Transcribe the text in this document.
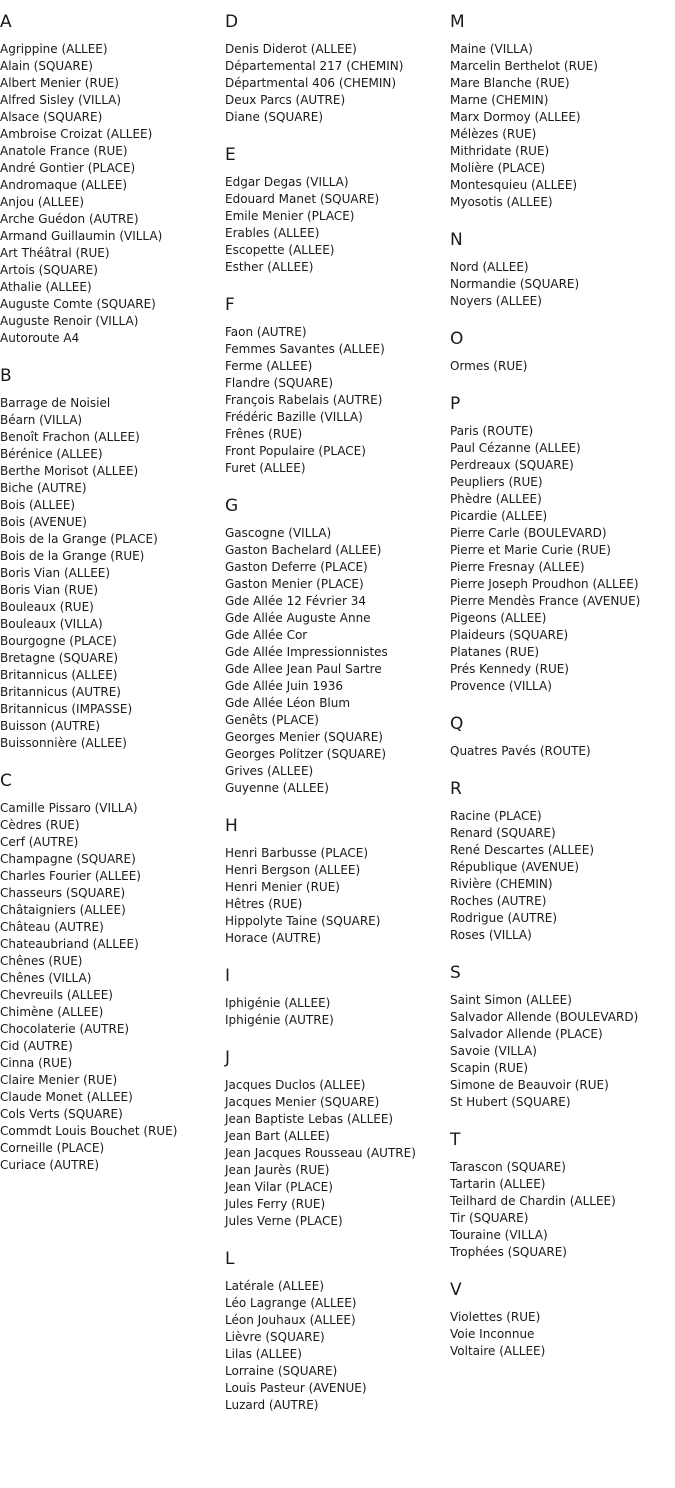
A
Agrippine (ALLEE)
Alain (SQUARE)
Albert Menier (RUE)
Alfred Sisley (VILLA)
Alsace (SQUARE)
Ambroise Croizat (ALLEE)
Anatole France (RUE)
André Gontier (PLACE)
Andromaque (ALLEE)
Anjou (ALLEE)
Arche Guédon (AUTRE)
Armand Guillaumin (VILLA)
Art Théâtral (RUE)
Artois (SQUARE)
Athalie (ALLEE)
Auguste Comte (SQUARE)
Auguste Renoir (VILLA)
Autoroute A4
B
Barrage de Noisiel
Béarn (VILLA)
Benoît Frachon (ALLEE)
Bérénice (ALLEE)
Berthe Morisot (ALLEE)
Biche (AUTRE)
Bois (ALLEE)
Bois (AVENUE)
Bois de la Grange (PLACE)
Bois de la Grange (RUE)
Boris Vian (ALLEE)
Boris Vian (RUE)
Bouleaux (RUE)
Bouleaux (VILLA)
Bourgogne (PLACE)
Bretagne (SQUARE)
Britannicus (ALLEE)
Britannicus (AUTRE)
Britannicus (IMPASSE)
Buisson (AUTRE)
Buissonnière (ALLEE)
C
Camille Pissaro (VILLA)
Cèdres (RUE)
Cerf (AUTRE)
Champagne (SQUARE)
Charles Fourier (ALLEE)
Chasseurs (SQUARE)
Châtaigniers (ALLEE)
Château (AUTRE)
Chateaubriand (ALLEE)
Chênes (RUE)
Chênes (VILLA)
Chevreuils (ALLEE)
Chimène (ALLEE)
Chocolaterie (AUTRE)
Cid (AUTRE)
Cinna (RUE)
Claire Menier (RUE)
Claude Monet (ALLEE)
Cols Verts (SQUARE)
Commdt Louis Bouchet (RUE)
Corneille (PLACE)
Curiace (AUTRE)
D
Denis Diderot (ALLEE)
Départemental 217 (CHEMIN)
Départmental 406 (CHEMIN)
Deux Parcs (AUTRE)
Diane (SQUARE)
E
Edgar Degas (VILLA)
Edouard Manet (SQUARE)
Emile Menier (PLACE)
Erables (ALLEE)
Escopette (ALLEE)
Esther (ALLEE)
F
Faon (AUTRE)
Femmes Savantes (ALLEE)
Ferme (ALLEE)
Flandre (SQUARE)
François Rabelais (AUTRE)
Frédéric Bazille (VILLA)
Frênes (RUE)
Front Populaire (PLACE)
Furet (ALLEE)
G
Gascogne (VILLA)
Gaston Bachelard (ALLEE)
Gaston Deferre (PLACE)
Gaston Menier (PLACE)
Gde Allée 12 Février 34
Gde Allée Auguste Anne
Gde Allée Cor
Gde Allée Impressionnistes
Gde Allee Jean Paul Sartre
Gde Allée Juin 1936
Gde Allée Léon Blum
Genêts (PLACE)
Georges Menier (SQUARE)
Georges Politzer (SQUARE)
Grives (ALLEE)
Guyenne (ALLEE)
H
Henri Barbusse (PLACE)
Henri Bergson (ALLEE)
Henri Menier (RUE)
Hêtres (RUE)
Hippolyte Taine (SQUARE)
Horace (AUTRE)
I
Iphigénie (ALLEE)
Iphigénie (AUTRE)
J
Jacques Duclos (ALLEE)
Jacques Menier (SQUARE)
Jean Baptiste Lebas (ALLEE)
Jean Bart (ALLEE)
Jean Jacques Rousseau (AUTRE)
Jean Jaurès (RUE)
Jean Vilar (PLACE)
Jules Ferry (RUE)
Jules Verne (PLACE)
L
Latérale (ALLEE)
Léo Lagrange (ALLEE)
Léon Jouhaux (ALLEE)
Lièvre (SQUARE)
Lilas (ALLEE)
Lorraine (SQUARE)
Louis Pasteur (AVENUE)
Luzard (AUTRE)
M
Maine (VILLA)
Marcelin Berthelot (RUE)
Mare Blanche (RUE)
Marne (CHEMIN)
Marx Dormoy (ALLEE)
Mélèzes (RUE)
Mithridate (RUE)
Molière (PLACE)
Montesquieu (ALLEE)
Myosotis (ALLEE)
N
Nord (ALLEE)
Normandie (SQUARE)
Noyers (ALLEE)
O
Ormes (RUE)
P
Paris (ROUTE)
Paul Cézanne (ALLEE)
Perdreaux (SQUARE)
Peupliers (RUE)
Phèdre (ALLEE)
Picardie (ALLEE)
Pierre Carle (BOULEVARD)
Pierre et Marie Curie (RUE)
Pierre Fresnay (ALLEE)
Pierre Joseph Proudhon (ALLEE)
Pierre Mendès France (AVENUE)
Pigeons (ALLEE)
Plaideurs (SQUARE)
Platanes (RUE)
Prés Kennedy (RUE)
Provence (VILLA)
Q
Quatres Pavés (ROUTE)
R
Racine (PLACE)
Renard (SQUARE)
René Descartes (ALLEE)
République (AVENUE)
Rivière (CHEMIN)
Roches (AUTRE)
Rodrigue (AUTRE)
Roses (VILLA)
S
Saint Simon (ALLEE)
Salvador Allende (BOULEVARD)
Salvador Allende (PLACE)
Savoie (VILLA)
Scapin (RUE)
Simone de Beauvoir (RUE)
St Hubert (SQUARE)
T
Tarascon (SQUARE)
Tartarin (ALLEE)
Teilhard de Chardin (ALLEE)
Tir (SQUARE)
Touraine (VILLA)
Trophées (SQUARE)
V
Violettes (RUE)
Voie Inconnue
Voltaire (ALLEE)
